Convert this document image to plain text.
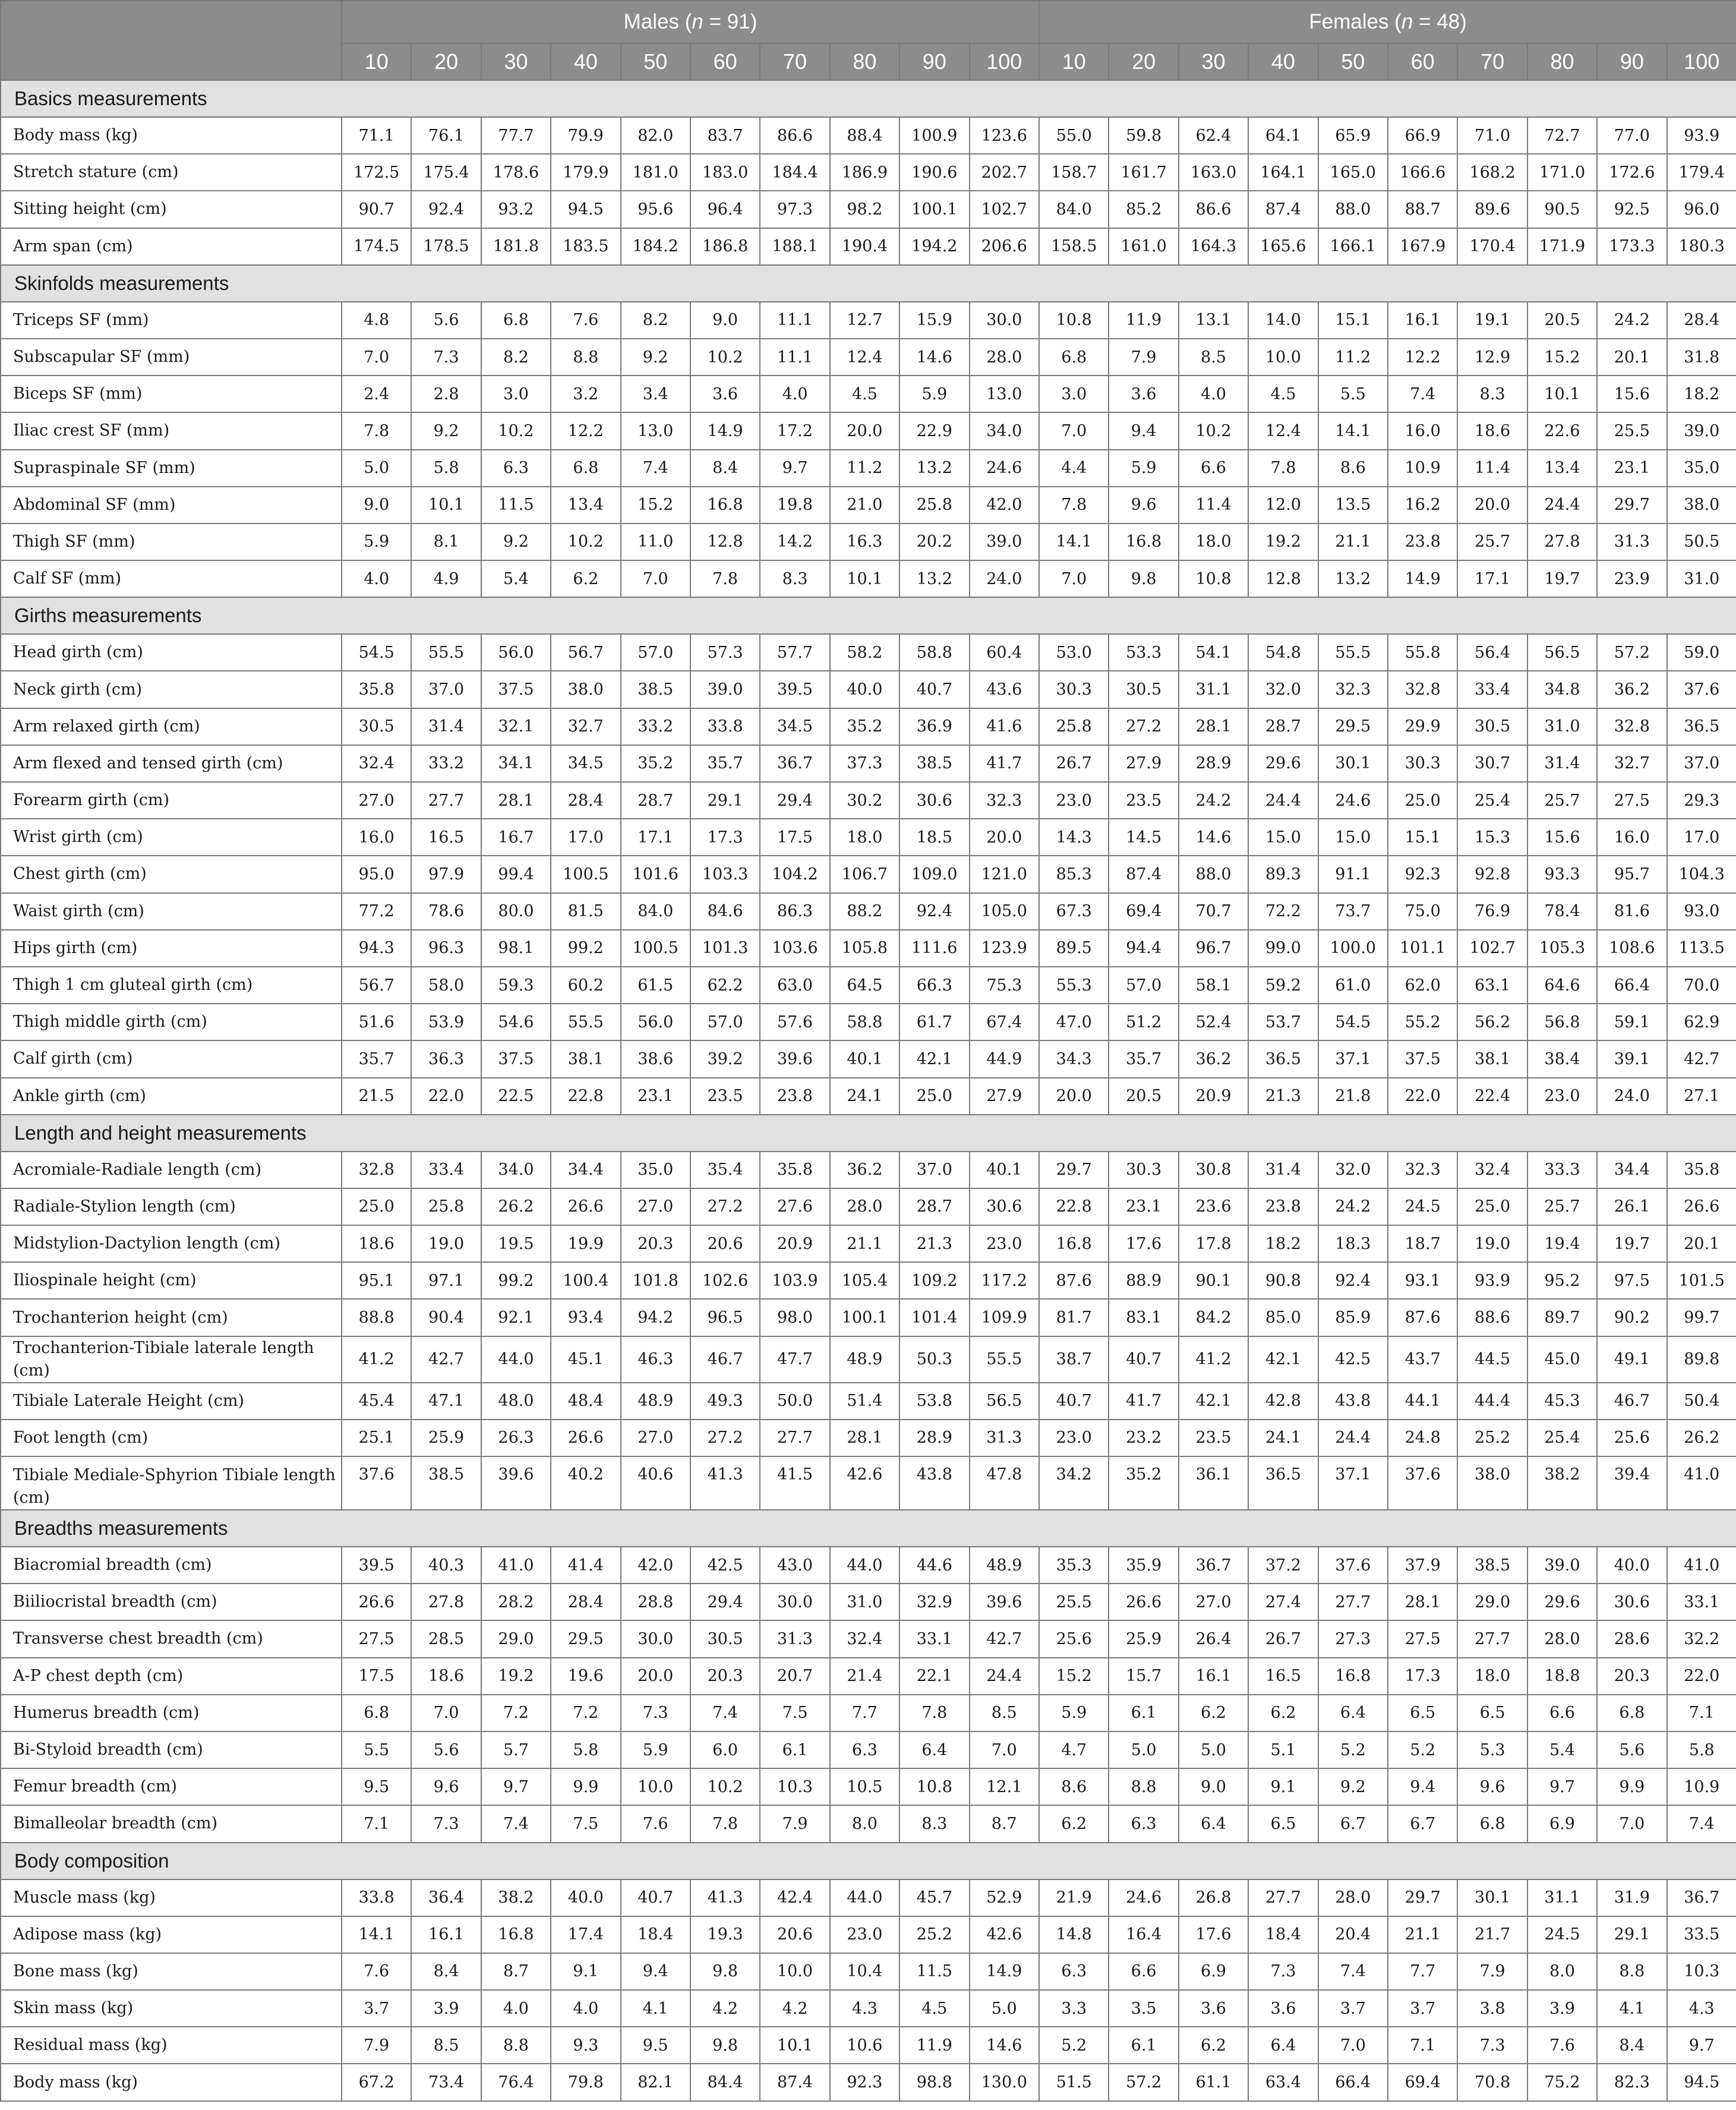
	Males (n = 91)										Females (n = 48)									
	10	20	30	40	50	60	70	80	90	100	10	20	30	40	50	60	70	80	90	100
Basics measurements																				
Body mass (kg)	71.1	76.1	77.7	79.9	82.0	83.7	86.6	88.4	100.9	123.6	55.0	59.8	62.4	64.1	65.9	66.9	71.0	72.7	77.0	93.9
Stretch stature (cm)	172.5	175.4	178.6	179.9	181.0	183.0	184.4	186.9	190.6	202.7	158.7	161.7	163.0	164.1	165.0	166.6	168.2	171.0	172.6	179.4
Sitting height (cm)	90.7	92.4	93.2	94.5	95.6	96.4	97.3	98.2	100.1	102.7	84.0	85.2	86.6	87.4	88.0	88.7	89.6	90.5	92.5	96.0
Arm span (cm)	174.5	178.5	181.8	183.5	184.2	186.8	188.1	190.4	194.2	206.6	158.5	161.0	164.3	165.6	166.1	167.9	170.4	171.9	173.3	180.3
Skinfolds measurements																				
Triceps SF (mm)	4.8	5.6	6.8	7.6	8.2	9.0	11.1	12.7	15.9	30.0	10.8	11.9	13.1	14.0	15.1	16.1	19.1	20.5	24.2	28.4
Subscapular SF (mm)	7.0	7.3	8.2	8.8	9.2	10.2	11.1	12.4	14.6	28.0	6.8	7.9	8.5	10.0	11.2	12.2	12.9	15.2	20.1	31.8
Biceps SF (mm)	2.4	2.8	3.0	3.2	3.4	3.6	4.0	4.5	5.9	13.0	3.0	3.6	4.0	4.5	5.5	7.4	8.3	10.1	15.6	18.2
Iliac crest SF (mm)	7.8	9.2	10.2	12.2	13.0	14.9	17.2	20.0	22.9	34.0	7.0	9.4	10.2	12.4	14.1	16.0	18.6	22.6	25.5	39.0
Supraspinale SF (mm)	5.0	5.8	6.3	6.8	7.4	8.4	9.7	11.2	13.2	24.6	4.4	5.9	6.6	7.8	8.6	10.9	11.4	13.4	23.1	35.0
Abdominal SF (mm)	9.0	10.1	11.5	13.4	15.2	16.8	19.8	21.0	25.8	42.0	7.8	9.6	11.4	12.0	13.5	16.2	20.0	24.4	29.7	38.0
Thigh SF (mm)	5.9	8.1	9.2	10.2	11.0	12.8	14.2	16.3	20.2	39.0	14.1	16.8	18.0	19.2	21.1	23.8	25.7	27.8	31.3	50.5
Calf SF (mm)	4.0	4.9	5.4	6.2	7.0	7.8	8.3	10.1	13.2	24.0	7.0	9.8	10.8	12.8	13.2	14.9	17.1	19.7	23.9	31.0
Girths measurements																				
Head girth (cm)	54.5	55.5	56.0	56.7	57.0	57.3	57.7	58.2	58.8	60.4	53.0	53.3	54.1	54.8	55.5	55.8	56.4	56.5	57.2	59.0
Neck girth (cm)	35.8	37.0	37.5	38.0	38.5	39.0	39.5	40.0	40.7	43.6	30.3	30.5	31.1	32.0	32.3	32.8	33.4	34.8	36.2	37.6
Arm relaxed girth (cm)	30.5	31.4	32.1	32.7	33.2	33.8	34.5	35.2	36.9	41.6	25.8	27.2	28.1	28.7	29.5	29.9	30.5	31.0	32.8	36.5
Arm flexed and tensed girth (cm)	32.4	33.2	34.1	34.5	35.2	35.7	36.7	37.3	38.5	41.7	26.7	27.9	28.9	29.6	30.1	30.3	30.7	31.4	32.7	37.0
Forearm girth (cm)	27.0	27.7	28.1	28.4	28.7	29.1	29.4	30.2	30.6	32.3	23.0	23.5	24.2	24.4	24.6	25.0	25.4	25.7	27.5	29.3
Wrist girth (cm)	16.0	16.5	16.7	17.0	17.1	17.3	17.5	18.0	18.5	20.0	14.3	14.5	14.6	15.0	15.0	15.1	15.3	15.6	16.0	17.0
Chest girth (cm)	95.0	97.9	99.4	100.5	101.6	103.3	104.2	106.7	109.0	121.0	85.3	87.4	88.0	89.3	91.1	92.3	92.8	93.3	95.7	104.3
Waist girth (cm)	77.2	78.6	80.0	81.5	84.0	84.6	86.3	88.2	92.4	105.0	67.3	69.4	70.7	72.2	73.7	75.0	76.9	78.4	81.6	93.0
Hips girth (cm)	94.3	96.3	98.1	99.2	100.5	101.3	103.6	105.8	111.6	123.9	89.5	94.4	96.7	99.0	100.0	101.1	102.7	105.3	108.6	113.5
Thigh 1 cm gluteal girth (cm)	56.7	58.0	59.3	60.2	61.5	62.2	63.0	64.5	66.3	75.3	55.3	57.0	58.1	59.2	61.0	62.0	63.1	64.6	66.4	70.0
Thigh middle girth (cm)	51.6	53.9	54.6	55.5	56.0	57.0	57.6	58.8	61.7	67.4	47.0	51.2	52.4	53.7	54.5	55.2	56.2	56.8	59.1	62.9
Calf girth (cm)	35.7	36.3	37.5	38.1	38.6	39.2	39.6	40.1	42.1	44.9	34.3	35.7	36.2	36.5	37.1	37.5	38.1	38.4	39.1	42.7
Ankle girth (cm)	21.5	22.0	22.5	22.8	23.1	23.5	23.8	24.1	25.0	27.9	20.0	20.5	20.9	21.3	21.8	22.0	22.4	23.0	24.0	27.1
Length and height measurements																				
Acromiale-Radiale length (cm)	32.8	33.4	34.0	34.4	35.0	35.4	35.8	36.2	37.0	40.1	29.7	30.3	30.8	31.4	32.0	32.3	32.4	33.3	34.4	35.8
Radiale-Stylion length (cm)	25.0	25.8	26.2	26.6	27.0	27.2	27.6	28.0	28.7	30.6	22.8	23.1	23.6	23.8	24.2	24.5	25.0	25.7	26.1	26.6
Midstylion-Dactylion length (cm)	18.6	19.0	19.5	19.9	20.3	20.6	20.9	21.1	21.3	23.0	16.8	17.6	17.8	18.2	18.3	18.7	19.0	19.4	19.7	20.1
Iliospinale height (cm)	95.1	97.1	99.2	100.4	101.8	102.6	103.9	105.4	109.2	117.2	87.6	88.9	90.1	90.8	92.4	93.1	93.9	95.2	97.5	101.5
Trochanterion height (cm)	88.8	90.4	92.1	93.4	94.2	96.5	98.0	100.1	101.4	109.9	81.7	83.1	84.2	85.0	85.9	87.6	88.6	89.7	90.2	99.7
Trochanterion-Tibiale laterale length (cm)	41.2	42.7	44.0	45.1	46.3	46.7	47.7	48.9	50.3	55.5	38.7	40.7	41.2	42.1	42.5	43.7	44.5	45.0	49.1	89.8
Tibiale Laterale Height (cm)	45.4	47.1	48.0	48.4	48.9	49.3	50.0	51.4	53.8	56.5	40.7	41.7	42.1	42.8	43.8	44.1	44.4	45.3	46.7	50.4
Foot length (cm)	25.1	25.9	26.3	26.6	27.0	27.2	27.7	28.1	28.9	31.3	23.0	23.2	23.5	24.1	24.4	24.8	25.2	25.4	25.6	26.2
Tibiale Mediale-Sphyrion Tibiale length (cm)	37.6	38.5	39.6	40.2	40.6	41.3	41.5	42.6	43.8	47.8	34.2	35.2	36.1	36.5	37.1	37.6	38.0	38.2	39.4	41.0
Breadths measurements																				
Biacromial breadth (cm)	39.5	40.3	41.0	41.4	42.0	42.5	43.0	44.0	44.6	48.9	35.3	35.9	36.7	37.2	37.6	37.9	38.5	39.0	40.0	41.0
Biiliocristal breadth (cm)	26.6	27.8	28.2	28.4	28.8	29.4	30.0	31.0	32.9	39.6	25.5	26.6	27.0	27.4	27.7	28.1	29.0	29.6	30.6	33.1
Transverse chest breadth (cm)	27.5	28.5	29.0	29.5	30.0	30.5	31.3	32.4	33.1	42.7	25.6	25.9	26.4	26.7	27.3	27.5	27.7	28.0	28.6	32.2
A-P chest depth (cm)	17.5	18.6	19.2	19.6	20.0	20.3	20.7	21.4	22.1	24.4	15.2	15.7	16.1	16.5	16.8	17.3	18.0	18.8	20.3	22.0
Humerus breadth (cm)	6.8	7.0	7.2	7.2	7.3	7.4	7.5	7.7	7.8	8.5	5.9	6.1	6.2	6.2	6.4	6.5	6.5	6.6	6.8	7.1
Bi-Styloid breadth (cm)	5.5	5.6	5.7	5.8	5.9	6.0	6.1	6.3	6.4	7.0	4.7	5.0	5.0	5.1	5.2	5.2	5.3	5.4	5.6	5.8
Femur breadth (cm)	9.5	9.6	9.7	9.9	10.0	10.2	10.3	10.5	10.8	12.1	8.6	8.8	9.0	9.1	9.2	9.4	9.6	9.7	9.9	10.9
Bimalleolar breadth (cm)	7.1	7.3	7.4	7.5	7.6	7.8	7.9	8.0	8.3	8.7	6.2	6.3	6.4	6.5	6.7	6.7	6.8	6.9	7.0	7.4
Body composition																				
Muscle mass (kg)	33.8	36.4	38.2	40.0	40.7	41.3	42.4	44.0	45.7	52.9	21.9	24.6	26.8	27.7	28.0	29.7	30.1	31.1	31.9	36.7
Adipose mass (kg)	14.1	16.1	16.8	17.4	18.4	19.3	20.6	23.0	25.2	42.6	14.8	16.4	17.6	18.4	20.4	21.1	21.7	24.5	29.1	33.5
Bone mass (kg)	7.6	8.4	8.7	9.1	9.4	9.8	10.0	10.4	11.5	14.9	6.3	6.6	6.9	7.3	7.4	7.7	7.9	8.0	8.8	10.3
Skin mass (kg)	3.7	3.9	4.0	4.0	4.1	4.2	4.2	4.3	4.5	5.0	3.3	3.5	3.6	3.6	3.7	3.7	3.8	3.9	4.1	4.3
Residual mass (kg)	7.9	8.5	8.8	9.3	9.5	9.8	10.1	10.6	11.9	14.6	5.2	6.1	6.2	6.4	7.0	7.1	7.3	7.6	8.4	9.7
Body mass (kg)	67.2	73.4	76.4	79.8	82.1	84.4	87.4	92.3	98.8	130.0	51.5	57.2	61.1	63.4	66.4	69.4	70.8	75.2	82.3	94.5
